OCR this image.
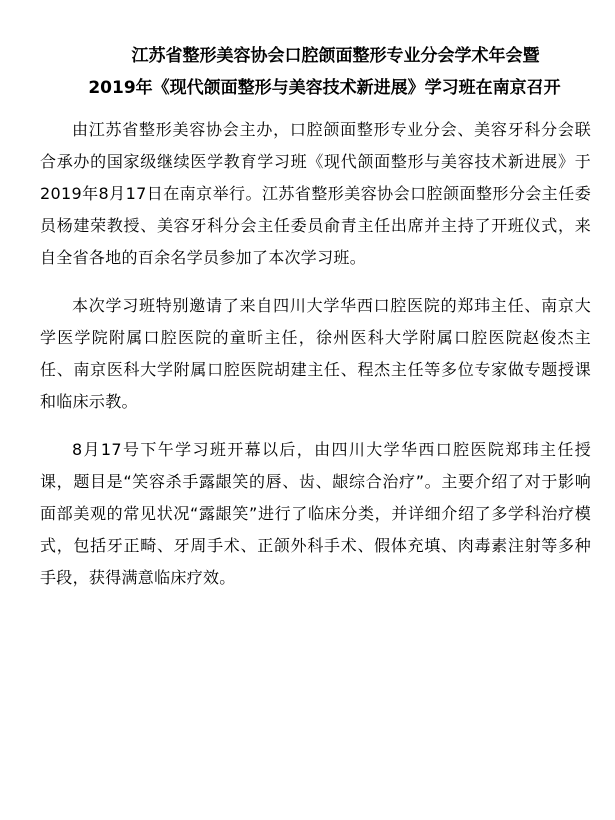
江苏省整形美容协会口腔颌面整形专业分会学术年会暨
2019年《现代颌面整形与美容技术新进展》学习班在南京召开

由江苏省整形美容协会主办，口腔颌面整形专业分会、美容牙科分会联合承办的国家级继续医学教育学习班《现代颌面整形与美容技术新进展》于2019年8月17日在南京举行。江苏省整形美容协会口腔颌面整形分会主任委员杨建荣教授、美容牙科分会主任委员俞青主任出席并主持了开班仪式，来自全省各地的百余名学员参加了本次学习班。

本次学习班特别邀请了来自四川大学华西口腔医院的郑玮主任、南京大学医学院附属口腔医院的童昕主任，徐州医科大学附属口腔医院赵俊杰主任、南京医科大学附属口腔医院胡建主任、程杰主任等多位专家做专题授课和临床示教。

8月17号下午学习班开幕以后，由四川大学华西口腔医院郑玮主任授课，题目是“笑容杀手露龈笑的唇、齿、龈综合治疗”。主要介绍了对于影响面部美观的常见状况“露龈笑”进行了临床分类，并详细介绍了多学科治疗模式，包括牙正畸、牙周手术、正颌外科手术、假体充填、肉毒素注射等多种手段，获得满意临床疗效。
